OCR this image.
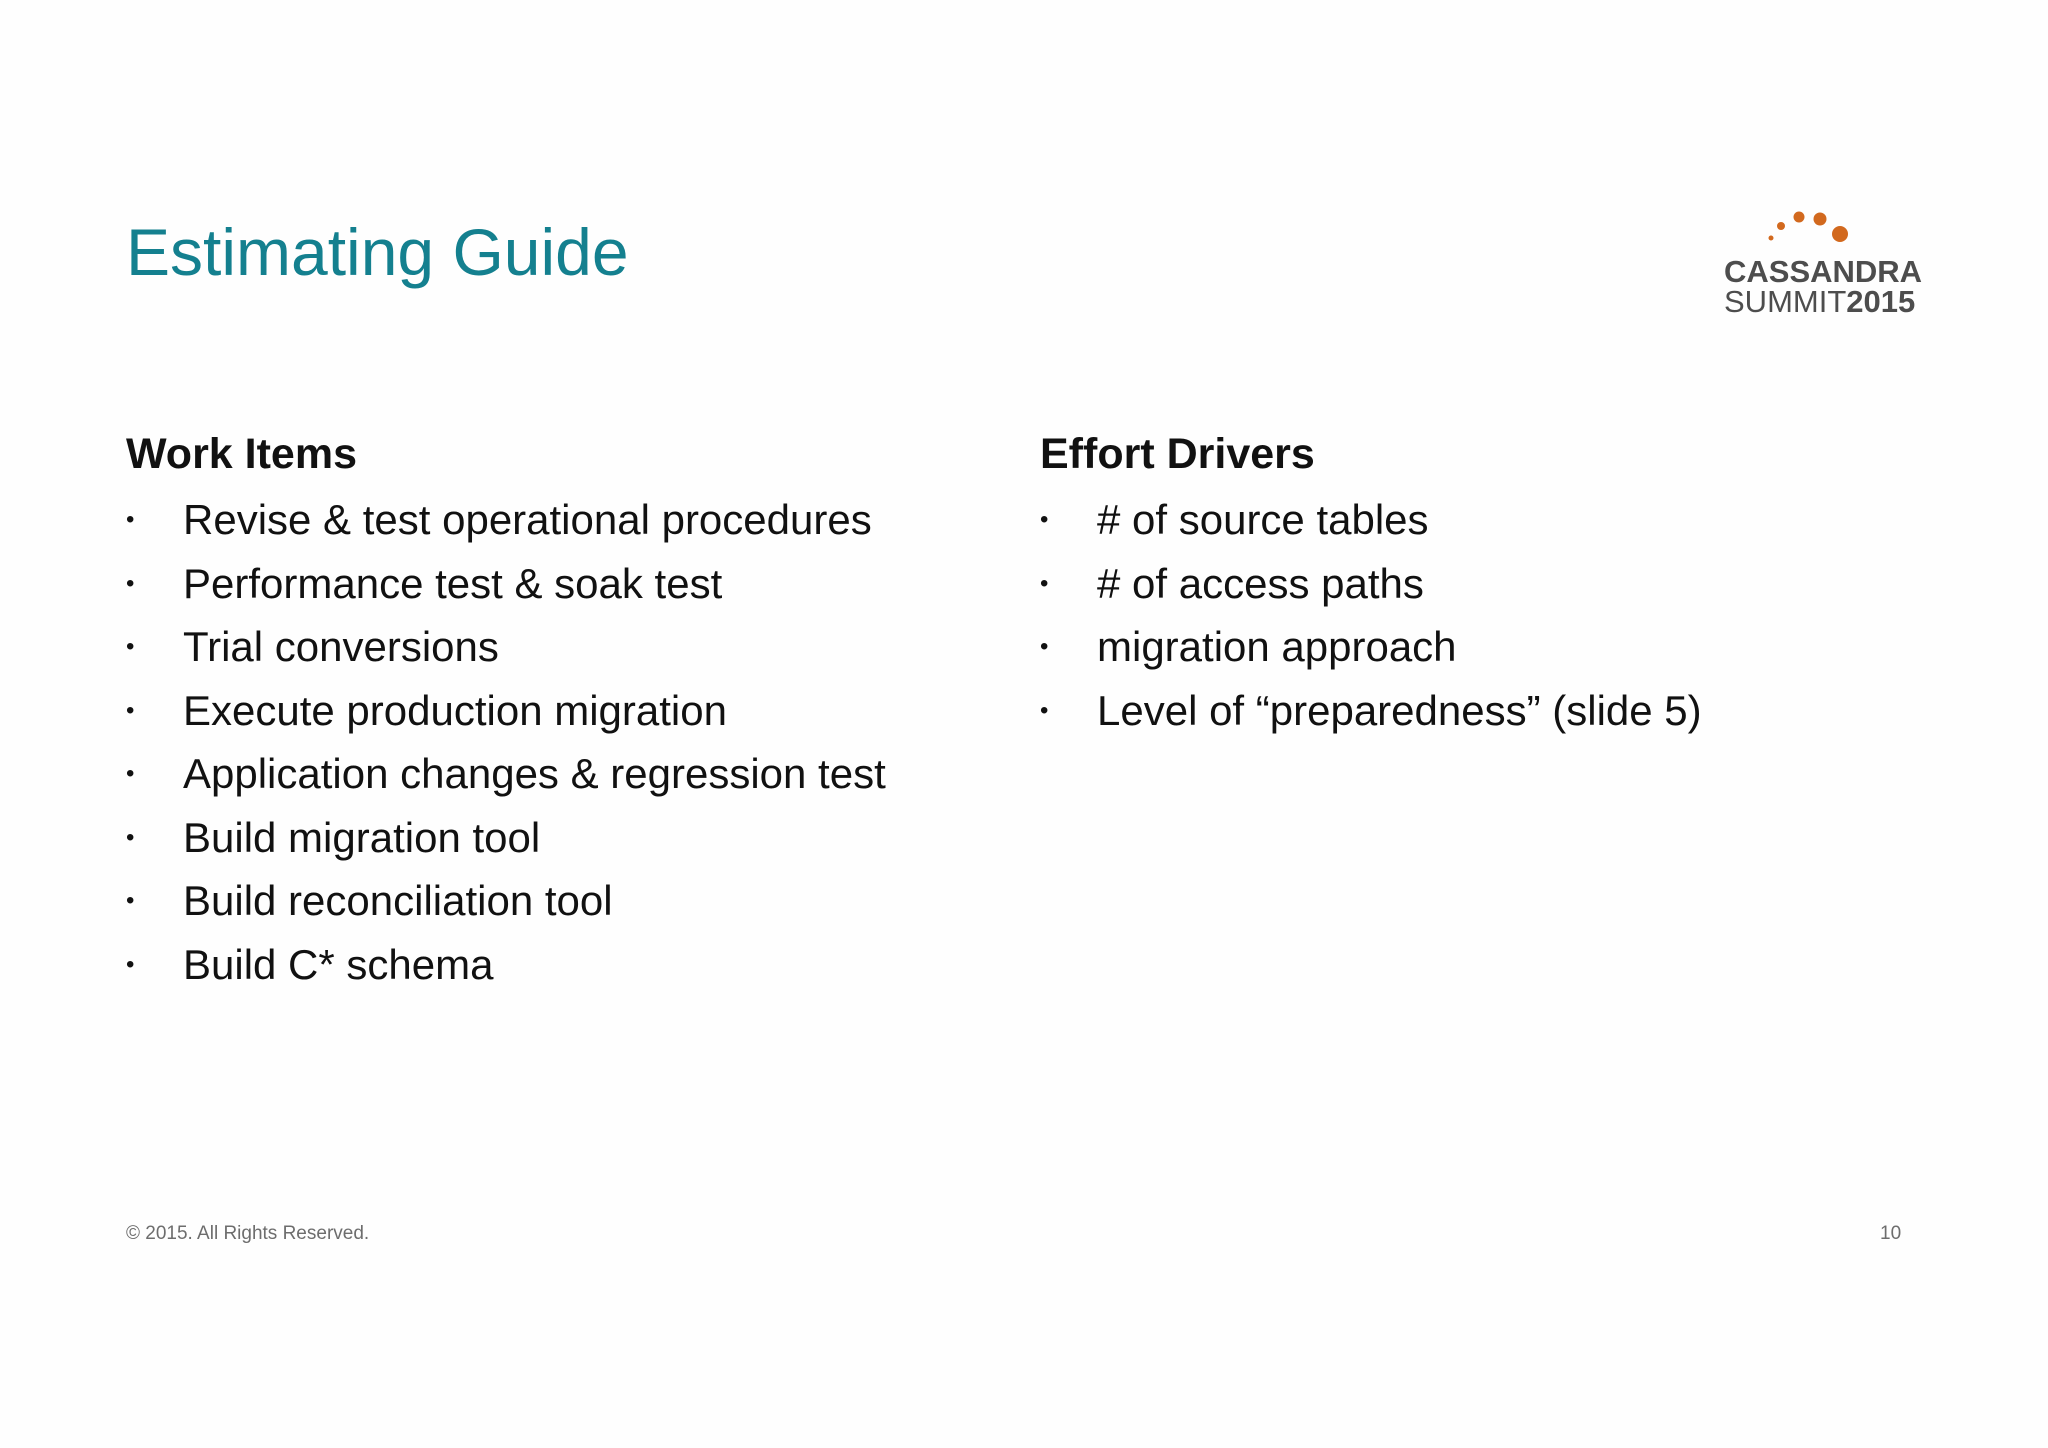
Estimating Guide	CASSANDRA
SUMMIT2015
Work Items
• Revise & test operational procedures
• Performance test & soak test
• Trial conversions
• Execute production migration
• Application changes & regression test
• Build migration tool
• Build reconciliation tool
• Build C* schema
Effort Drivers
• # of source tables
• # of access paths
• migration approach
• Level of “preparedness” (slide 5)
© 2015. All Rights Reserved.	10
